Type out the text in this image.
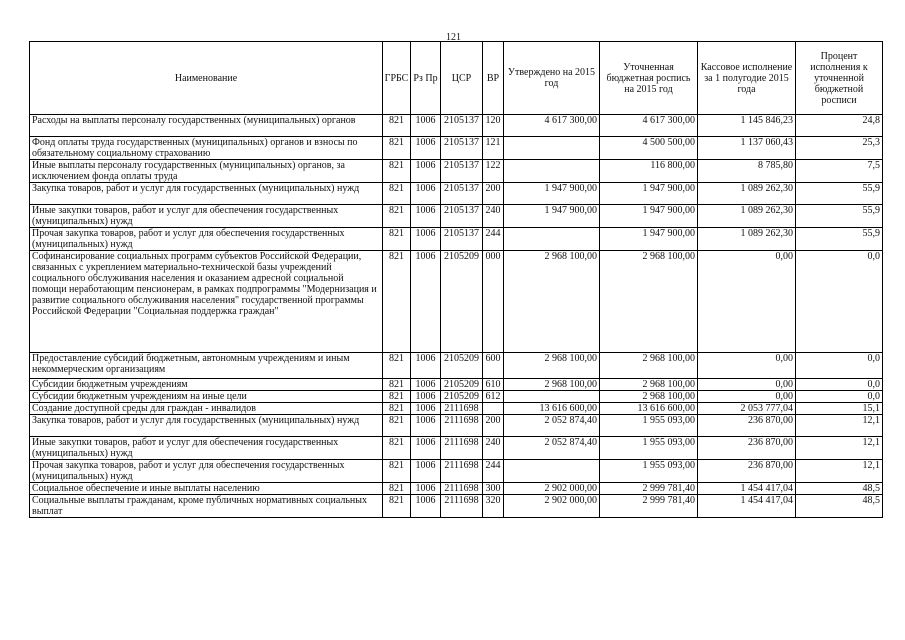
121
Наименование	ГРБС	Рз Пр	ЦСР	ВР	Утверждено на 2015 год	Уточненная бюджетная роспись на 2015 год	Кассовое исполнение за 1 полугодие 2015 года	Процент исполнения к уточненной бюджетной росписи
Расходы на выплаты персоналу государственных (муниципальных) органов	821	1006	2105137	120	4 617 300,00	4 617 300,00	1 145 846,23	24,8
Фонд оплаты труда государственных (муниципальных) органов и взносы по обязательному социальному страхованию	821	1006	2105137	121		4 500 500,00	1 137 060,43	25,3
Иные выплаты персоналу государственных (муниципальных) органов, за исключением фонда оплаты труда	821	1006	2105137	122		116 800,00	8 785,80	7,5
Закупка товаров, работ и услуг для государственных (муниципальных) нужд	821	1006	2105137	200	1 947 900,00	1 947 900,00	1 089 262,30	55,9
Иные закупки товаров, работ и услуг для обеспечения государственных (муниципальных) нужд	821	1006	2105137	240	1 947 900,00	1 947 900,00	1 089 262,30	55,9
Прочая закупка товаров, работ и услуг для обеспечения государственных (муниципальных) нужд	821	1006	2105137	244		1 947 900,00	1 089 262,30	55,9
Софинансирование социальных программ субъектов Российской Федерации, связанных с укреплением материально-технической базы учреждений социального обслуживания населения и оказанием адресной социальной помощи неработающим пенсионерам, в рамках подпрограммы "Модернизация и развитие социального обслуживания населения" государственной программы Российской Федерации "Социальная поддержка граждан"	821	1006	2105209	000	2 968 100,00	2 968 100,00	0,00	0,0
Предоставление субсидий бюджетным, автономным учреждениям и иным некоммерческим организациям	821	1006	2105209	600	2 968 100,00	2 968 100,00	0,00	0,0
Субсидии бюджетным учреждениям	821	1006	2105209	610	2 968 100,00	2 968 100,00	0,00	0,0
Субсидии бюджетным учреждениям на иные цели	821	1006	2105209	612		2 968 100,00	0,00	0,0
Создание доступной среды для граждан - инвалидов	821	1006	2111698		13 616 600,00	13 616 600,00	2 053 777,04	15,1
Закупка товаров, работ и услуг для государственных (муниципальных) нужд	821	1006	2111698	200	2 052 874,40	1 955 093,00	236 870,00	12,1
Иные закупки товаров, работ и услуг для обеспечения государственных (муниципальных) нужд	821	1006	2111698	240	2 052 874,40	1 955 093,00	236 870,00	12,1
Прочая закупка товаров, работ и услуг для обеспечения государственных (муниципальных) нужд	821	1006	2111698	244		1 955 093,00	236 870,00	12,1
Социальное обеспечение и иные выплаты населению	821	1006	2111698	300	2 902 000,00	2 999 781,40	1 454 417,04	48,5
Социальные выплаты гражданам, кроме публичных нормативных социальных выплат	821	1006	2111698	320	2 902 000,00	2 999 781,40	1 454 417,04	48,5
